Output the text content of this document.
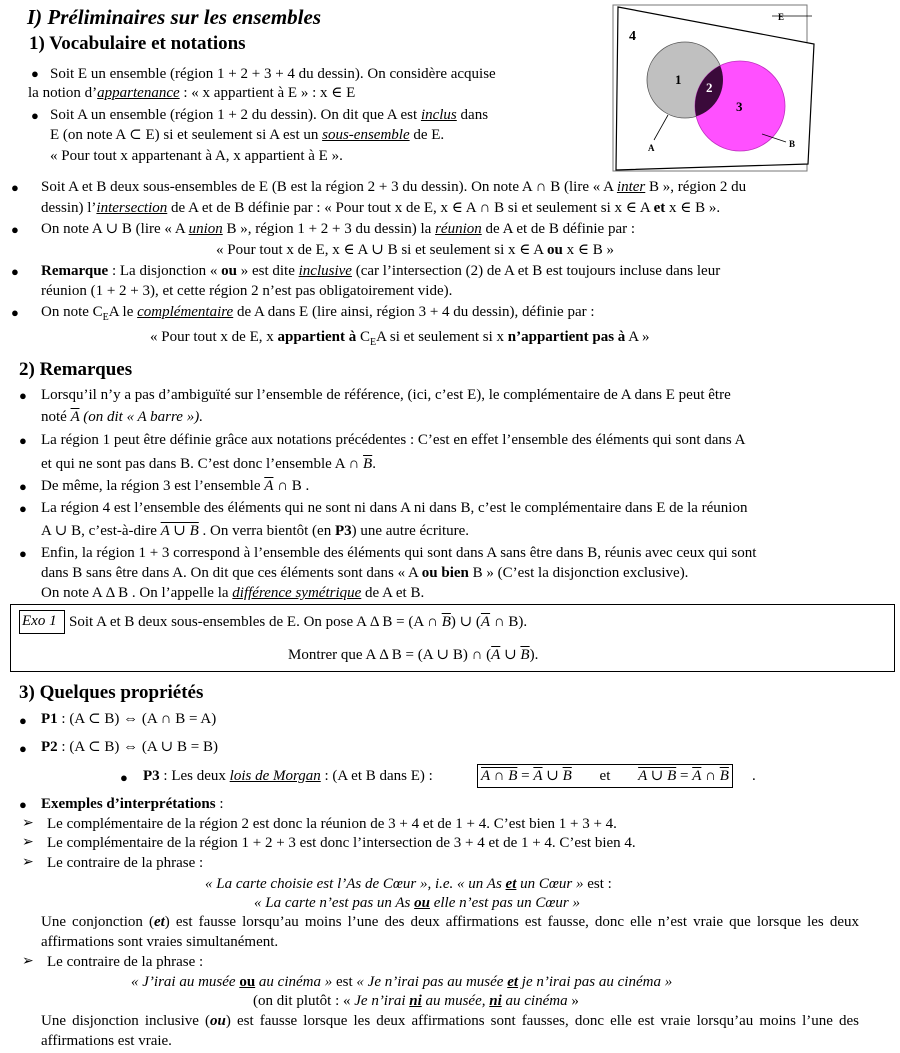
I) Préliminaires sur les ensembles
1) Vocabulaire et notations
● Soit E un ensemble (région 1 + 2 + 3 + 4 du dessin). On considère acquise
la notion d’appartenance : « x appartient à E » : x ∈ E
● Soit A un ensemble (région 1 + 2 du dessin). On dit que A est inclus dans
E (on note A ⊂ E) si et seulement si A est un sous-ensemble de E.
« Pour tout x appartenant à A, x appartient à E ».
E
4
1
2
3
A	B
● Soit A et B deux sous-ensembles de E (B est la région 2 + 3 du dessin). On note A ∩ B (lire « A inter B », région 2 du
dessin) l’intersection de A et de B définie par : « Pour tout x de E, x ∈ A ∩ B si et seulement si x ∈ A et x ∈ B ».
● On note A ∪ B (lire « A union B », région 1 + 2 + 3 du dessin) la réunion de A et de B définie par :
« Pour tout x de E, x ∈ A ∪ B si et seulement si x ∈ A ou x ∈ B »
● Remarque : La disjonction « ou » est dite inclusive (car l’intersection (2) de A et B est toujours incluse dans leur
réunion (1 + 2 + 3), et cette région 2 n’est pas obligatoirement vide).
● On note $C_EA$ le complémentaire de A dans E (lire ainsi, région 3 + 4 du dessin), définie par :
« Pour tout x de E, x appartient à $C_EA$ si et seulement si x n’appartient pas à A »
2) Remarques
● Lorsqu’il n’y a pas d’ambiguïté sur l’ensemble de référence, (ici, c’est E), le complémentaire de A dans E peut être
noté $\overline{A}$ (on dit « A barre »).
● La région 1 peut être définie grâce aux notations précédentes : C’est en effet l’ensemble des éléments qui sont dans A
et qui ne sont pas dans B. C’est donc l’ensemble A ∩ $\overline{B}$.
● De même, la région 3 est l’ensemble $\overline{A}$ ∩ B .
● La région 4 est l’ensemble des éléments qui ne sont ni dans A ni dans B, c’est le complémentaire dans E de la réunion
A ∪ B, c’est-à-dire A ∪ B . On verra bientôt (en P3) une autre écriture.
● Enfin, la région 1 + 3 correspond à l’ensemble des éléments qui sont dans A sans être dans B, réunis avec ceux qui sont
dans B sans être dans A. On dit que ces éléments sont dans « A ou bien B » (C’est la disjonction exclusive).
On note A Δ B . On l’appelle la différence symétrique de A et B.
Exo 1 Soit A et B deux sous-ensembles de E. On pose A Δ B = (A ∩ $\overline{B}$) ∪ ($\overline{A}$ ∩ B).
Montrer que A Δ B = (A ∪ B) ∩ ($\overline{A}$ ∪ $\overline{B}$).
3) Quelques propriétés
● P1 : (A ⊂ B) ⇔ (A ∩ B = A)
● P2 : (A ⊂ B) ⇔ (A ∪ B = B)
● P3 : Les deux lois de Morgan : (A et B dans E) :	A ∩ $B = \overline{A}$ ∪ $\overline{B}$ et A ∪ $B = \overline{A}$ ∩ $\overline{B}$ .
● Exemples d’interprétations :
➢ Le complémentaire de la région 2 est donc la réunion de 3 + 4 et de 1 + 4. C’est bien 1 + 3 + 4.
➢ Le complémentaire de la région 1 + 2 + 3 est donc l’intersection de 3 + 4 et de 1 + 4. C’est bien 4.
➢ Le contraire de la phrase :
« La carte choisie est l’As de Cœur », i.e. « un As et un Cœur » est :
« La carte n’est pas un As ou elle n’est pas un Cœur »
Une conjonction (et) est fausse lorsqu’au moins l’une des deux affirmations est fausse, donc elle n’est vraie que lorsque les deux affirmations sont vraies simultanément.
➢ Le contraire de la phrase :
« J’irai au musée ou au cinéma » est « Je n’irai pas au musée et je n’irai pas au cinéma »
(on dit plutôt : « Je n’irai ni au musée, ni au cinéma »
Une disjonction inclusive (ou) est fausse lorsque les deux affirmations sont fausses, donc elle est vraie lorsqu’au moins l’une des affirmations est vraie.
